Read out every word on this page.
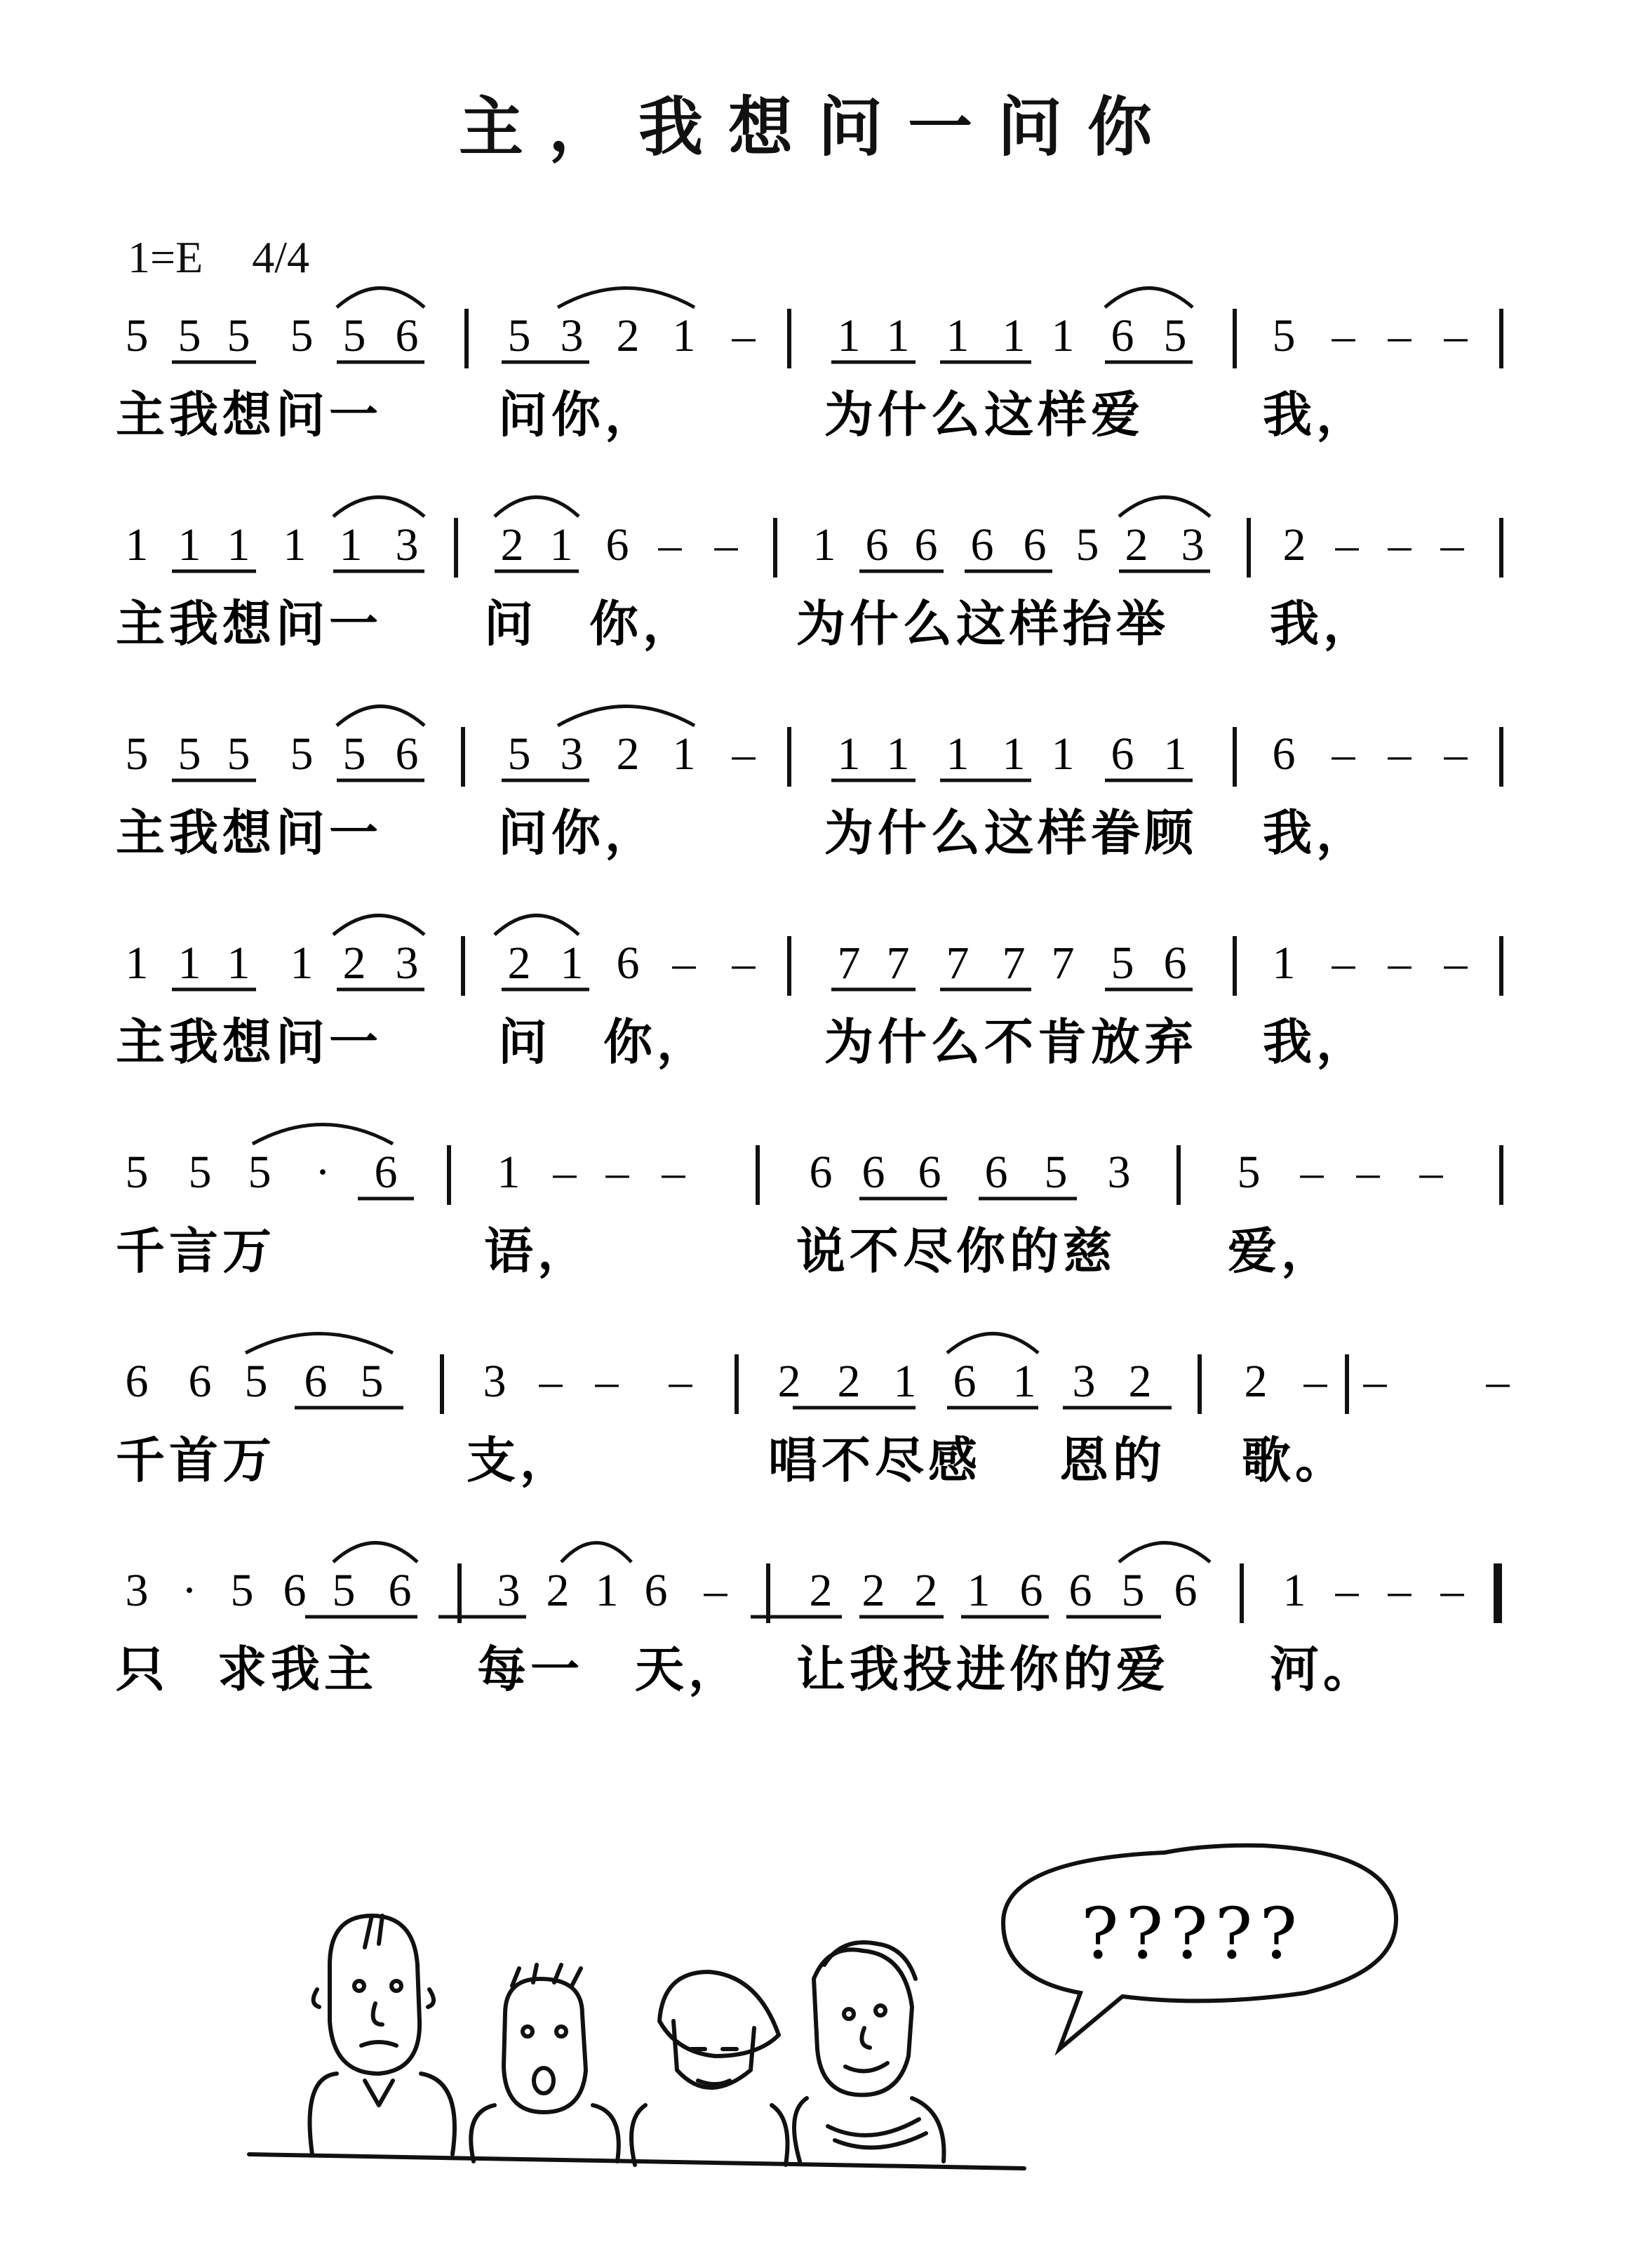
主，我想问一问你
1=E 4/4
5 5 5 5 5 6 5 3 2 1 – 1 1 1 1 1 6 5 5 – – –
1 1 1 1 1 3 2 1 6 – – 1 6 6 6 6 5 2 3 2 – – –
5 5 5 5 5 6 5 3 2 1 – 1 1 1 1 1 6 1 6 – – –
1 1 1 1 2 3 2 1 6 – – 7 7 7 7 7 5 6 1 – – –
5 5 5 · 6 1 – – –	6 6 6 6 5 3 5 – – –
6 6 5 6 5 3 – – – 2 2 1 6 1 3 2 2 – – –
3 · 5 6 5 6 3 2 1 6 – 2 2 2 1 6 6 5 6 1 – – –
主我想问一 问你，	为什么这样爱 我，
主我想问一 问 你， 为什么这样抬举 我，
主我想问一 问你，	为什么这样眷顾 我，
主我想问一 问 你， 为什么不肯放弃 我，
千言万	语，	说不尽你的慈 爱，
千首万	支，	唱不尽感 恩的 歌。
只 求我主 每一 天， 让我投进你的爱 河。
?????
